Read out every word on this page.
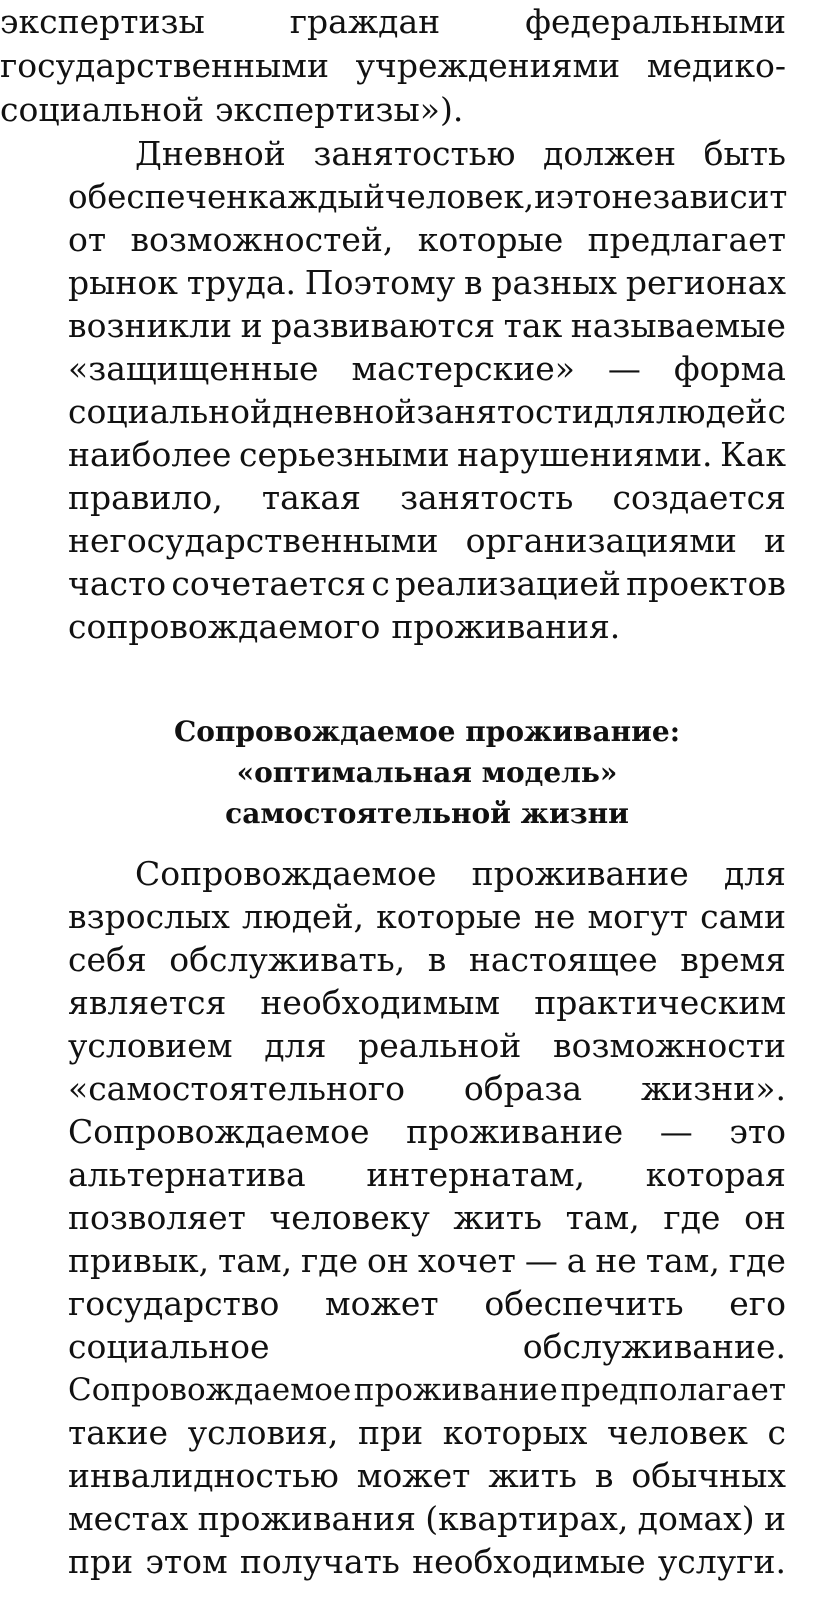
экспертизы	граждан	федеральными
государственными учреждениями медико-
социальной экспертизы»).
Дневной занятостью должен быть
обеспечен каждый человек, и это не зависит
от возможностей, которые предлагает
рынок труда. Поэтому в разных регионах
возникли и развиваются так называемые
«защищенные мастерские» — форма
социальной дневной занятости для людей с
наиболее серьезными нарушениями. Как
правило, такая занятость создается
негосударственными организациями и
часто сочетается с реализацией проектов
сопровождаемого проживания.
Сопровождаемое проживание:
«оптимальная модель»
самостоятельной жизни
Сопровождаемое проживание для
взрослых людей, которые не могут сами
себя обслуживать, в настоящее время
является необходимым практическим
условием для реальной возможности
«самостоятельного образа жизни».
Сопровождаемое проживание — это
альтернатива интернатам, которая
позволяет человеку жить там, где он
привык, там, где он хочет — а не там, где
государство может обеспечить его
социальное	обслуживание.
Сопровождаемое проживание предполагает
такие условия, при которых человек с
инвалидностью может жить в обычных
местах проживания (квартирах, домах) и
при этом получать необходимые услуги.
